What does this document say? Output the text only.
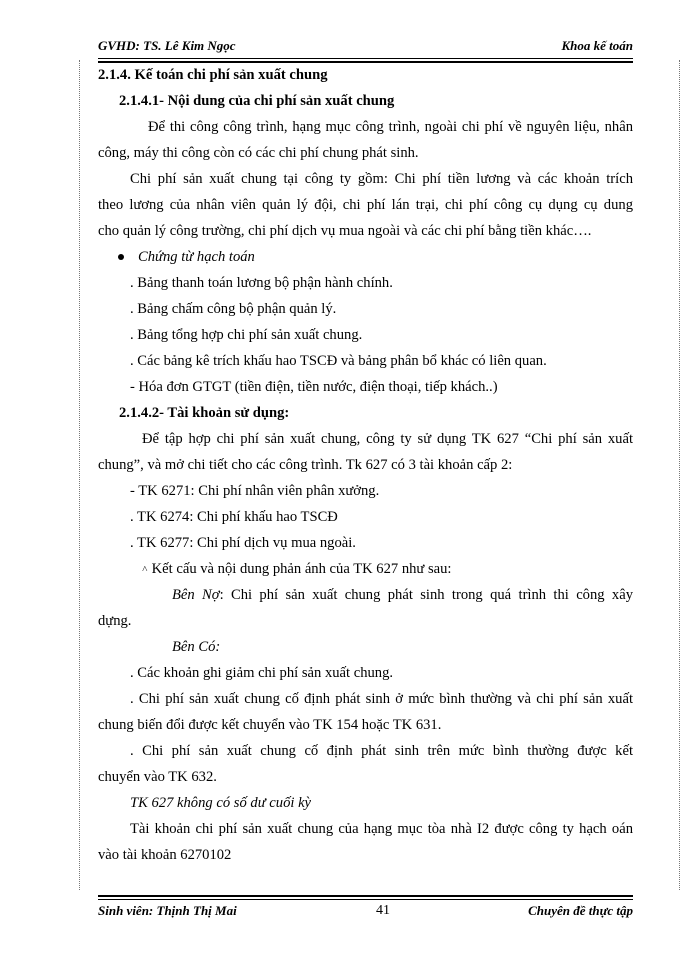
GVHD: TS. Lê Kim Ngọc	Khoa kế toán
2.1.4. Kế toán chi phí sản xuất chung
2.1.4.1- Nội dung của chi phí sản xuất chung
Để thi công công trình, hạng mục công trình, ngoài chi phí về nguyên liệu, nhân
công, máy thi công còn có các chi phí chung phát sinh.
Chi phí sản xuất chung tại công ty gồm: Chi phí tiền lương và các khoản trích
theo lương của nhân viên quản lý đội, chi phí lán trại, chi phí công cụ dụng cụ dung
cho quản lý công trường, chi phí dịch vụ mua ngoài và các chi phí bằng tiền khác….
Chứng từ hạch toán
. Bảng thanh toán lương bộ phận hành chính.
. Bảng chấm công bộ phận quản lý.
. Bảng tổng hợp chi phí sản xuất chung.
. Các bảng kê trích khấu hao TSCĐ và bảng phân bổ khác có liên quan.
- Hóa đơn GTGT (tiền điện, tiền nước, điện thoại, tiếp khách..)
2.1.4.2- Tài khoản sử dụng:
Để tập hợp chi phí sản xuất chung, công ty sử dụng TK 627 “Chi phí sản xuất
chung”, và mở chi tiết cho các công trình. Tk 627 có 3 tài khoản cấp 2:
- TK 6271: Chi phí nhân viên phân xưởng.
. TK 6274: Chi phí khấu hao TSCĐ
. TK 6277: Chi phí dịch vụ mua ngoài.
˄ Kết cấu và nội dung phản ánh của TK 627 như sau:
Bên Nợ: Chi phí sản xuất chung phát sinh trong quá trình thi công xây
dựng.
Bên Có:
. Các khoản ghi giảm chi phí sản xuất chung.
. Chi phí sản xuất chung cố định phát sinh ở mức bình thường và chi phí sản xuất
chung biến đổi được kết chuyển vào TK 154 hoặc TK 631.
. Chi phí sản xuất chung cố định phát sinh trên mức bình thường được kết
chuyển vào TK 632.
TK 627 không có số dư cuối kỳ
Tài khoản chi phí sản xuất chung của hạng mục tòa nhà I2 được công ty hạch oán
vào tài khoản 6270102
Sinh viên: Thịnh Thị Mai	41	Chuyên đề thực tập
